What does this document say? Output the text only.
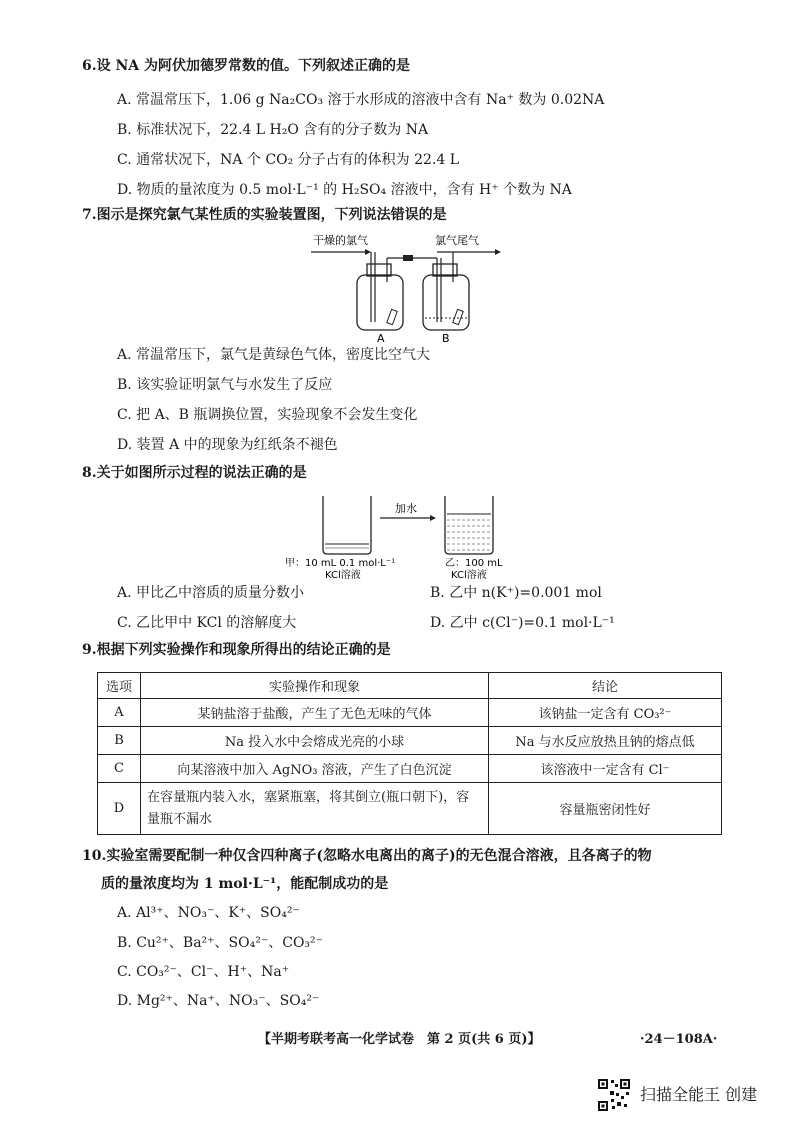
6.设 NA 为阿伏加德罗常数的值。下列叙述正确的是
A. 常温常压下，1.06 g Na₂CO₃ 溶于水形成的溶液中含有 Na⁺ 数为 0.02NA
B. 标准状况下，22.4 L H₂O 含有的分子数为 NA
C. 通常状况下，NA 个 CO₂ 分子占有的体积为 22.4 L
D. 物质的量浓度为 0.5 mol·L⁻¹ 的 H₂SO₄ 溶液中，含有 H⁺ 个数为 NA
7.图示是探究氯气某性质的实验装置图，下列说法错误的是
干燥的氯气	氯气尾气
A	B
A. 常温常压下，氯气是黄绿色气体，密度比空气大
B. 该实验证明氯气与水发生了反应
C. 把 A、B 瓶调换位置，实验现象不会发生变化
D. 装置 A 中的现象为红纸条不褪色
8.关于如图所示过程的说法正确的是
加水
甲：10 mL 0.1 mol·L⁻¹
KCl溶液
乙：100 mL
KCl溶液
A. 甲比乙中溶质的质量分数小	B. 乙中 n(K⁺)=0.001 mol
C. 乙比甲中 KCl 的溶解度大	D. 乙中 c(Cl⁻)=0.1 mol·L⁻¹
9.根据下列实验操作和现象所得出的结论正确的是
选项	实验操作和现象	结论
A	某钠盐溶于盐酸，产生了无色无味的气体	该钠盐一定含有 CO₃²⁻
B	Na 投入水中会熔成光亮的小球	Na 与水反应放热且钠的熔点低
C	向某溶液中加入 AgNO₃ 溶液，产生了白色沉淀	该溶液中一定含有 Cl⁻
D	在容量瓶内装入水，塞紧瓶塞，将其倒立(瓶口朝下)，容量瓶不漏水	容量瓶密闭性好
10.实验室需要配制一种仅含四种离子(忽略水电离出的离子)的无色混合溶液，且各离子的物
质的量浓度均为 1 mol·L⁻¹，能配制成功的是
A. Al³⁺、NO₃⁻、K⁺、SO₄²⁻
B. Cu²⁺、Ba²⁺、SO₄²⁻、CO₃²⁻
C. CO₃²⁻、Cl⁻、H⁺、Na⁺
D. Mg²⁺、Na⁺、NO₃⁻、SO₄²⁻
【半期考联考高一化学试卷　第 2 页(共 6 页)】	·24－108A·
扫描全能王 创建
